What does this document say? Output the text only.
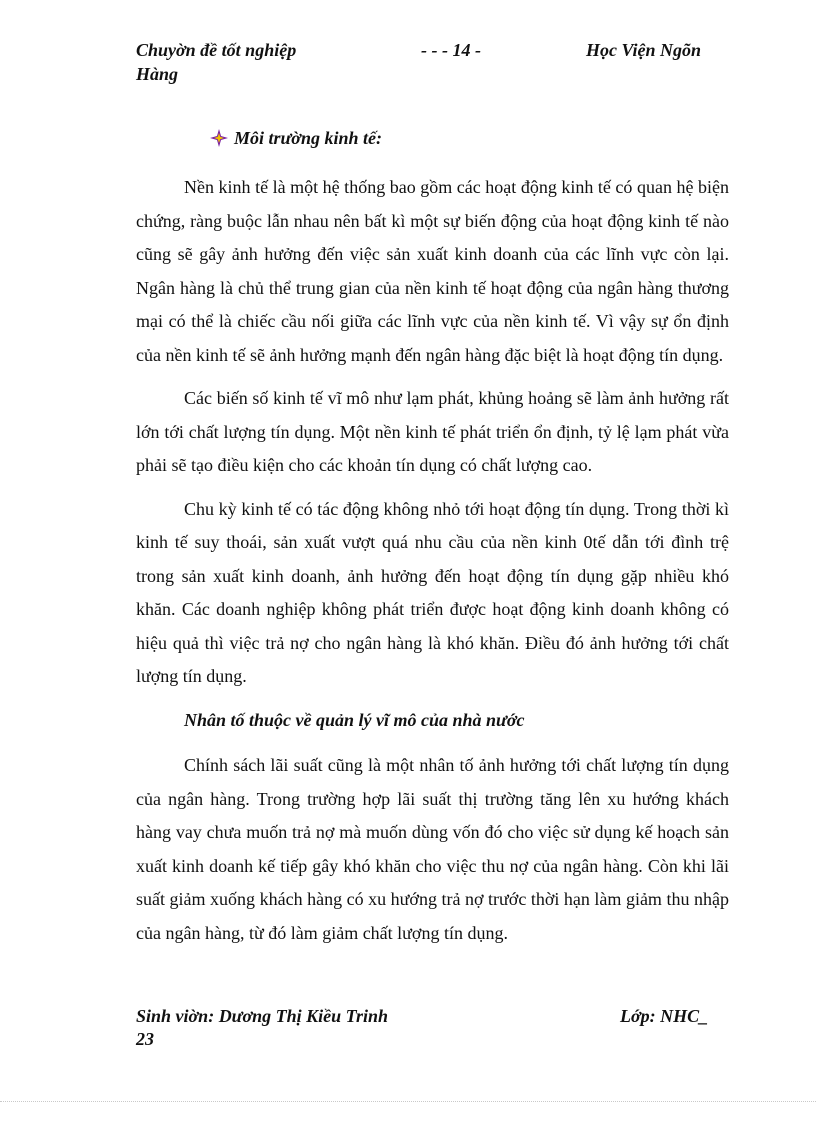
Chuyờn đề tốt nghiệp	- - - 14 -	Học Viện Ngõn
Hàng
Môi trường kinh tế:

Nền kinh tế là một hệ thống bao gồm các hoạt động kinh tế có quan hệ biện chứng, ràng buộc lẫn nhau nên bất kì một sự biến động của hoạt động kinh tế nào cũng sẽ gây ảnh hưởng đến việc sản xuất kinh doanh của các lĩnh vực còn lại. Ngân hàng là chủ thể trung gian của nền kinh tế hoạt động của ngân hàng thương mại có thể là chiếc cầu nối giữa các lĩnh vực của nền kinh tế. Vì vậy sự ổn định của nền kinh tế sẽ ảnh hưởng mạnh đến ngân hàng đặc biệt là hoạt động tín dụng.

Các biến số kinh tế vĩ mô như lạm phát, khủng hoảng sẽ làm ảnh hưởng rất lớn tới chất lượng tín dụng. Một nền kinh tế phát triển ổn định, tỷ lệ lạm phát vừa phải sẽ tạo điều kiện cho các khoản tín dụng có chất lượng cao.

Chu kỳ kinh tế có tác động không nhỏ tới hoạt động tín dụng. Trong thời kì kinh tế suy thoái, sản xuất vượt quá nhu cầu của nền kinh 0tế dẫn tới đình trệ trong sản xuất kinh doanh, ảnh hưởng đến hoạt động tín dụng gặp nhiều khó khăn. Các doanh nghiệp không phát triển được hoạt động kinh doanh không có hiệu quả thì việc trả nợ cho ngân hàng là khó khăn. Điều đó ảnh hưởng tới chất lượng tín dụng.

Nhân tố thuộc về quản lý vĩ mô của nhà nước

Chính sách lãi suất cũng là một nhân tố ảnh hưởng tới chất lượng tín dụng của ngân hàng. Trong trường hợp lãi suất thị trường tăng lên xu hướng khách hàng vay chưa muốn trả nợ mà muốn dùng vốn đó cho việc sử dụng kế hoạch sản xuất kinh doanh kế tiếp gây khó khăn cho việc thu nợ của ngân hàng. Còn khi lãi suất giảm xuống khách hàng có xu hướng trả nợ trước thời hạn làm giảm thu nhập của ngân hàng, từ đó làm giảm chất lượng tín dụng.

Sinh viờn: Dương Thị Kiều Trinh	Lớp: NHC_
23
